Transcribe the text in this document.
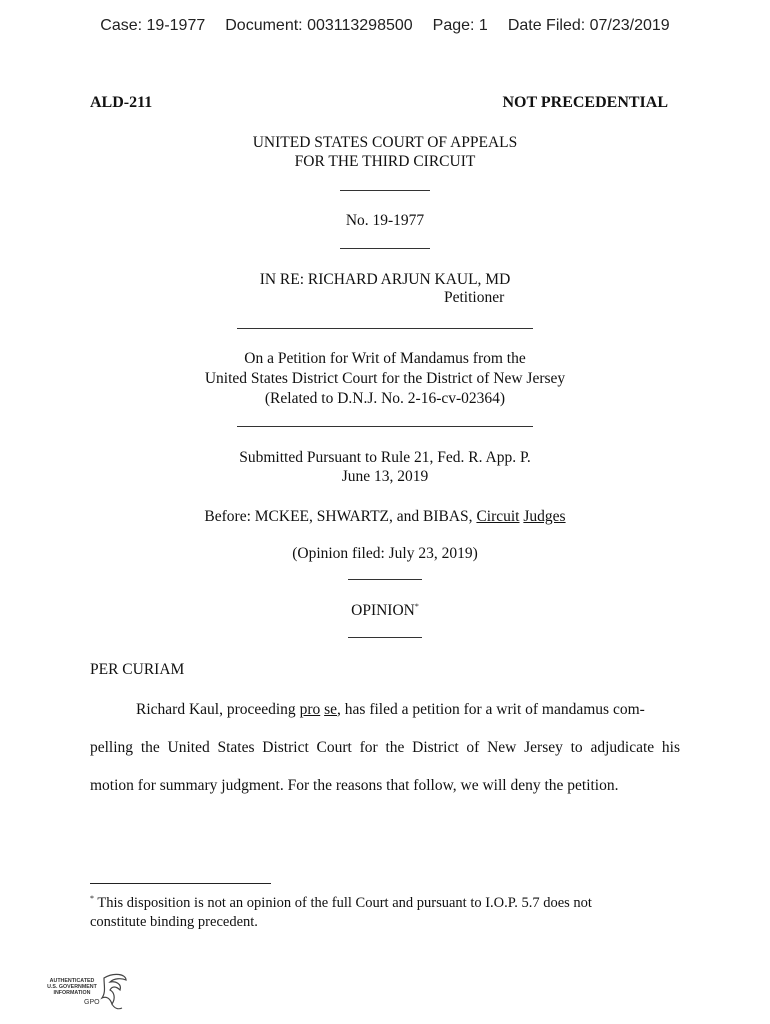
Case: 19-1977 Document: 003113298500 Page: 1 Date Filed: 07/23/2019
ALD-211	NOT PRECEDENTIAL
UNITED STATES COURT OF APPEALS
FOR THE THIRD CIRCUIT
No. 19-1977
IN RE: RICHARD ARJUN KAUL, MD
Petitioner
On a Petition for Writ of Mandamus from the
United States District Court for the District of New Jersey
(Related to D.N.J. No. 2-16-cv-02364)
Submitted Pursuant to Rule 21, Fed. R. App. P.
June 13, 2019
Before: MCKEE, SHWARTZ, and BIBAS, Circuit Judges
(Opinion filed: July 23, 2019)
OPINION*
PER CURIAM
Richard Kaul, proceeding pro se, has filed a petition for a writ of mandamus com-
pelling the United States District Court for the District of New Jersey to adjudicate his
motion for summary judgment. For the reasons that follow, we will deny the petition.
* This disposition is not an opinion of the full Court and pursuant to I.O.P. 5.7 does not
constitute binding precedent.
AUTHENTICATED
U.S. GOVERNMENT
INFORMATION
GPO
